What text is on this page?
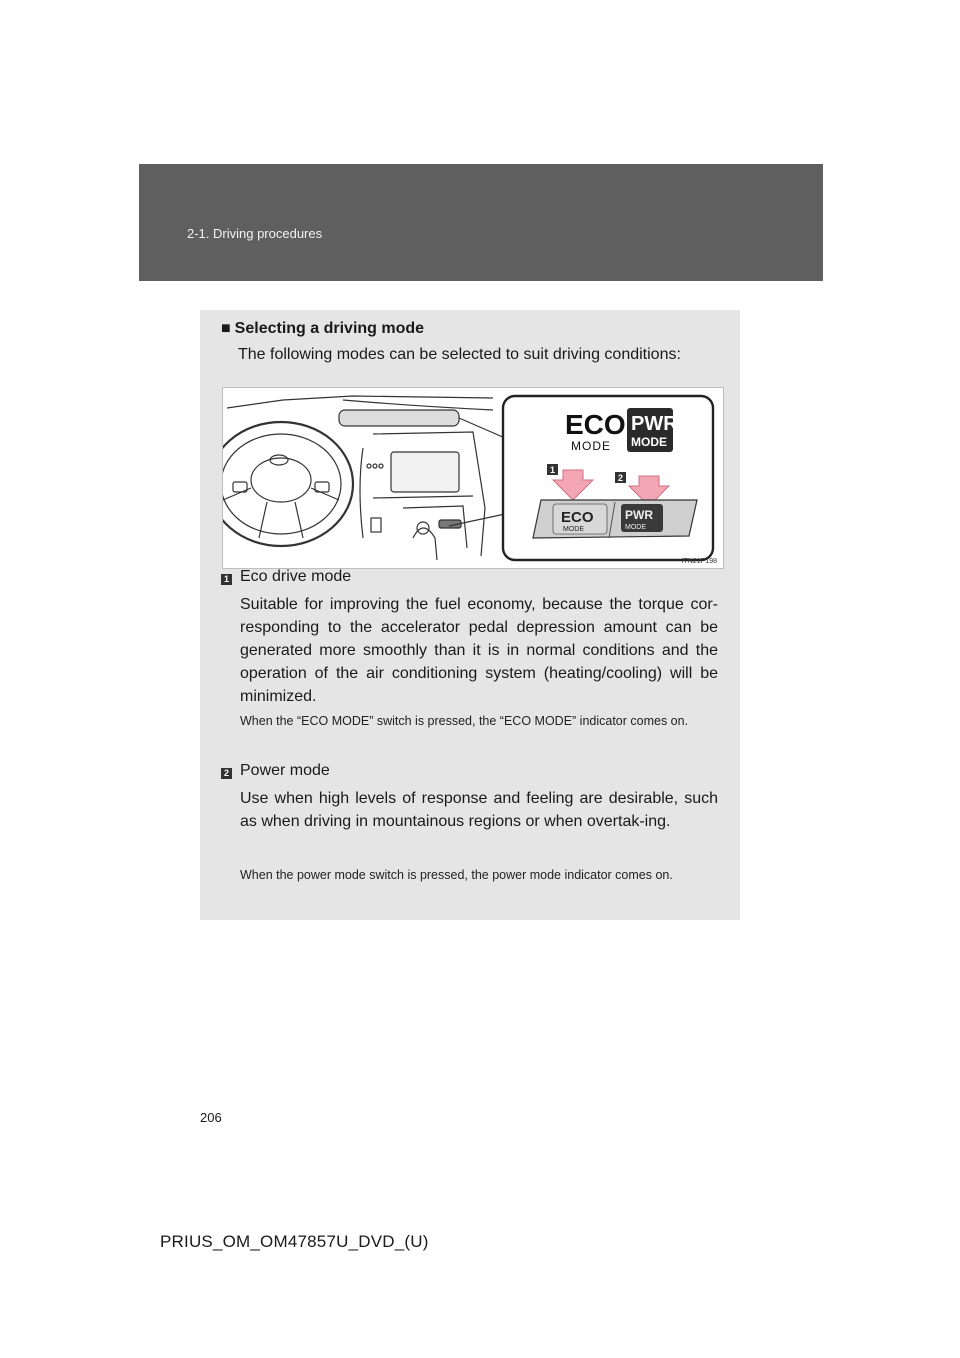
2-1. Driving procedures
■ Selecting a driving mode
The following modes can be selected to suit driving conditions:
ECO
MODE
PWR
MODE
1
2
ECO
MODE
PWR
MODE
ITN21P198
1 Eco drive mode
Suitable for improving the fuel economy, because the torque cor-responding to the accelerator pedal depression amount can be generated more smoothly than it is in normal conditions and the operation of the air conditioning system (heating/cooling) will be minimized.
When the “ECO MODE” switch is pressed, the “ECO MODE” indicator comes on.
2 Power mode
Use when high levels of response and feeling are desirable, such as when driving in mountainous regions or when overtak-ing.
When the power mode switch is pressed, the power mode indicator comes on.
206
PRIUS_OM_OM47857U_DVD_(U)
